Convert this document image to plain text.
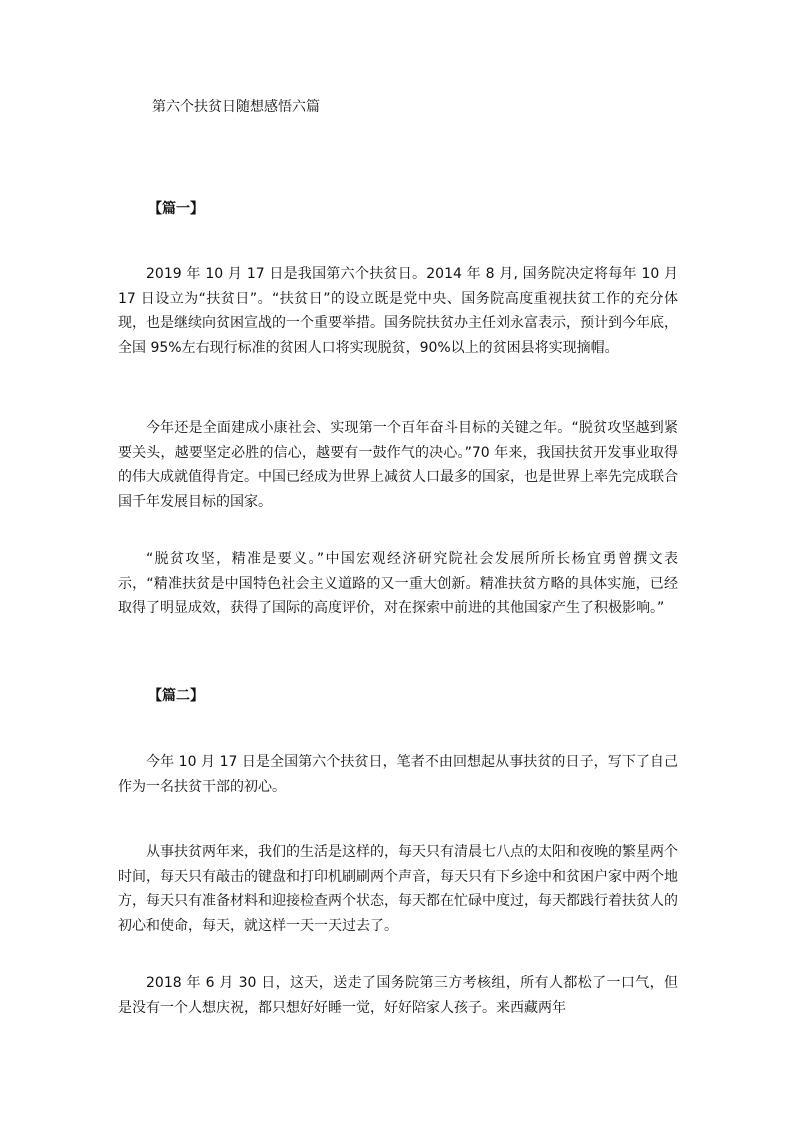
第六个扶贫日随想感悟六篇
【篇一】

2019 年 10 月 17 日是我国第六个扶贫日。2014 年 8 月, 国务院决定将每年 10 月 17 日设立为“扶贫日”。“扶贫日”的设立既是党中央、国务院高度重视扶贫工作的充分体现，也是继续向贫困宣战的一个重要举措。国务院扶贫办主任刘永富表示，预计到今年底，全国 95%左右现行标准的贫困人口将实现脱贫，90%以上的贫困县将实现摘帽。

今年还是全面建成小康社会、实现第一个百年奋斗目标的关键之年。“脱贫攻坚越到紧要关头，越要坚定必胜的信心，越要有一鼓作气的决心。”70 年来，我国扶贫开发事业取得的伟大成就值得肯定。中国已经成为世界上减贫人口最多的国家，也是世界上率先完成联合国千年发展目标的国家。

“脱贫攻坚，精准是要义。”中国宏观经济研究院社会发展所所长杨宜勇曾撰文表示，“精准扶贫是中国特色社会主义道路的又一重大创新。精准扶贫方略的具体实施，已经取得了明显成效，获得了国际的高度评价，对在探索中前进的其他国家产生了积极影响。”

【篇二】

今年 10 月 17 日是全国第六个扶贫日，笔者不由回想起从事扶贫的日子，写下了自己作为一名扶贫干部的初心。

从事扶贫两年来，我们的生活是这样的，每天只有清晨七八点的太阳和夜晚的繁星两个时间，每天只有敲击的键盘和打印机刷刷两个声音，每天只有下乡途中和贫困户家中两个地方，每天只有准备材料和迎接检查两个状态，每天都在忙碌中度过，每天都践行着扶贫人的初心和使命，每天，就这样一天一天过去了。

2018 年 6 月 30 日，这天，送走了国务院第三方考核组，所有人都松了一口气，但是没有一个人想庆祝，都只想好好睡一觉，好好陪家人孩子。来西藏两年
